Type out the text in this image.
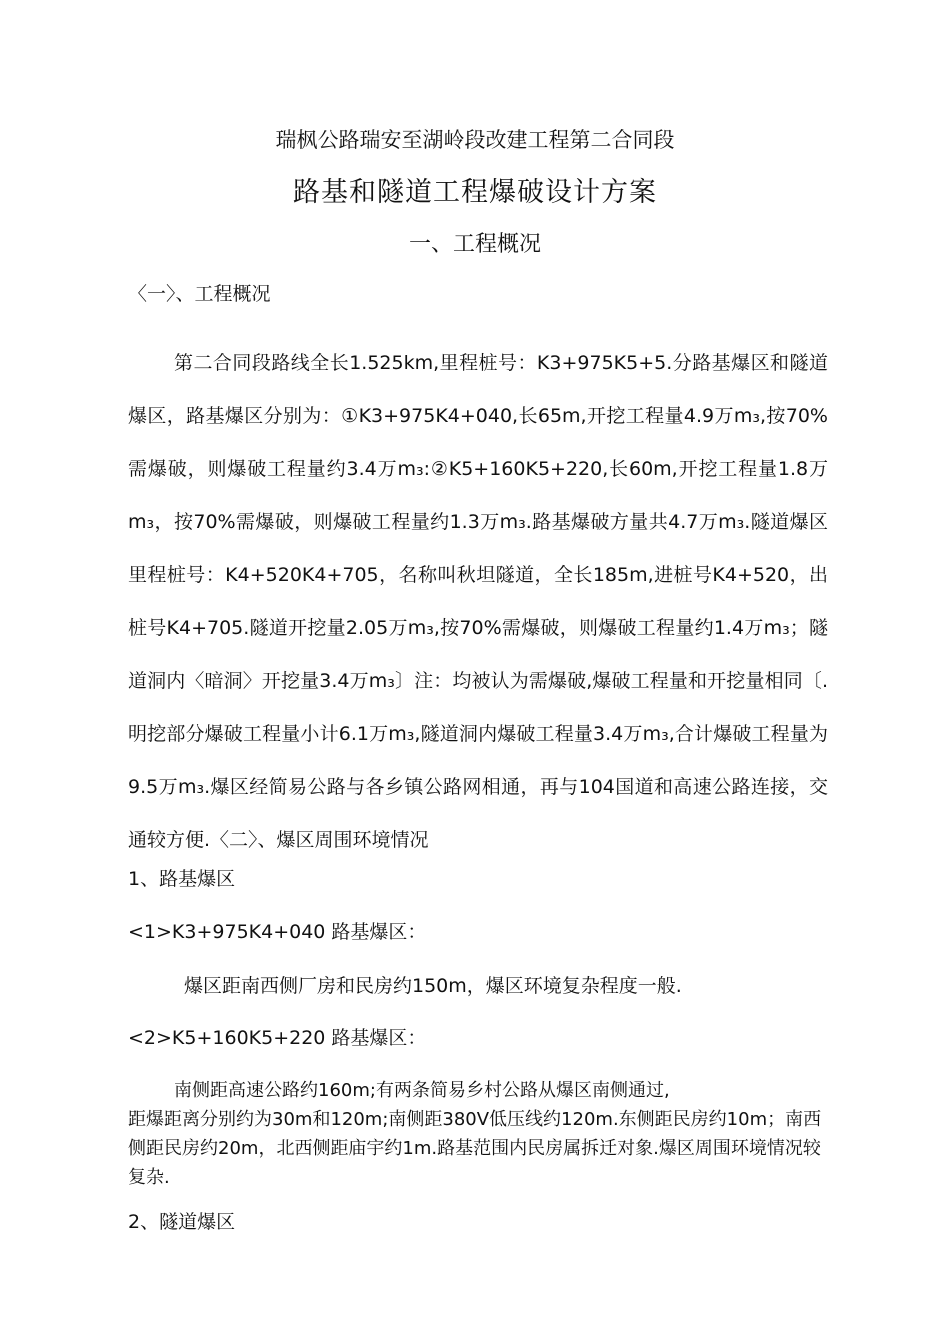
瑞枫公路瑞安至湖岭段改建工程第二合同段

路基和隧道工程爆破设计方案

一、工程概况

〈一〉、工程概况

第二合同段路线全长1.525km,里程桩号：K3+975K5+5.分路基爆区和隧道爆区，路基爆区分别为：①K3+975K4+040,长65m,开挖工程量4.9万m₃,按70%需爆破，则爆破工程量约3.4万m₃:②K5+160K5+220,长60m,开挖工程量1.8万m₃，按70%需爆破，则爆破工程量约1.3万m₃.路基爆破方量共4.7万m₃.隧道爆区里程桩号：K4+520K4+705，名称叫秋坦隧道，全长185m,进桩号K4+520，出桩号K4+705.隧道开挖量2.05万m₃,按70%需爆破，则爆破工程量约1.4万m₃；隧道洞内〈暗洞〉开挖量3.4万m₃〕注：均被认为需爆破,爆破工程量和开挖量相同〔.明挖部分爆破工程量小计6.1万m₃,隧道洞内爆破工程量3.4万m₃,合计爆破工程量为9.5万m₃.爆区经简易公路与各乡镇公路网相通，再与104国道和高速公路连接，交通较方便.〈二〉、爆区周围环境情况

1、路基爆区

<1>K3+975K4+040 路基爆区：

爆区距南西侧厂房和民房约150m，爆区环境复杂程度一般.

<2>K5+160K5+220 路基爆区：

南侧距高速公路约160m;有两条简易乡村公路从爆区南侧通过,
距爆距离分别约为30m和120m;南侧距380V低压线约120m.东侧距民房约10m；南西侧距民房约20m，北西侧距庙宇约1m.路基范围内民房属拆迁对象.爆区周围环境情况较复杂.

2、隧道爆区
